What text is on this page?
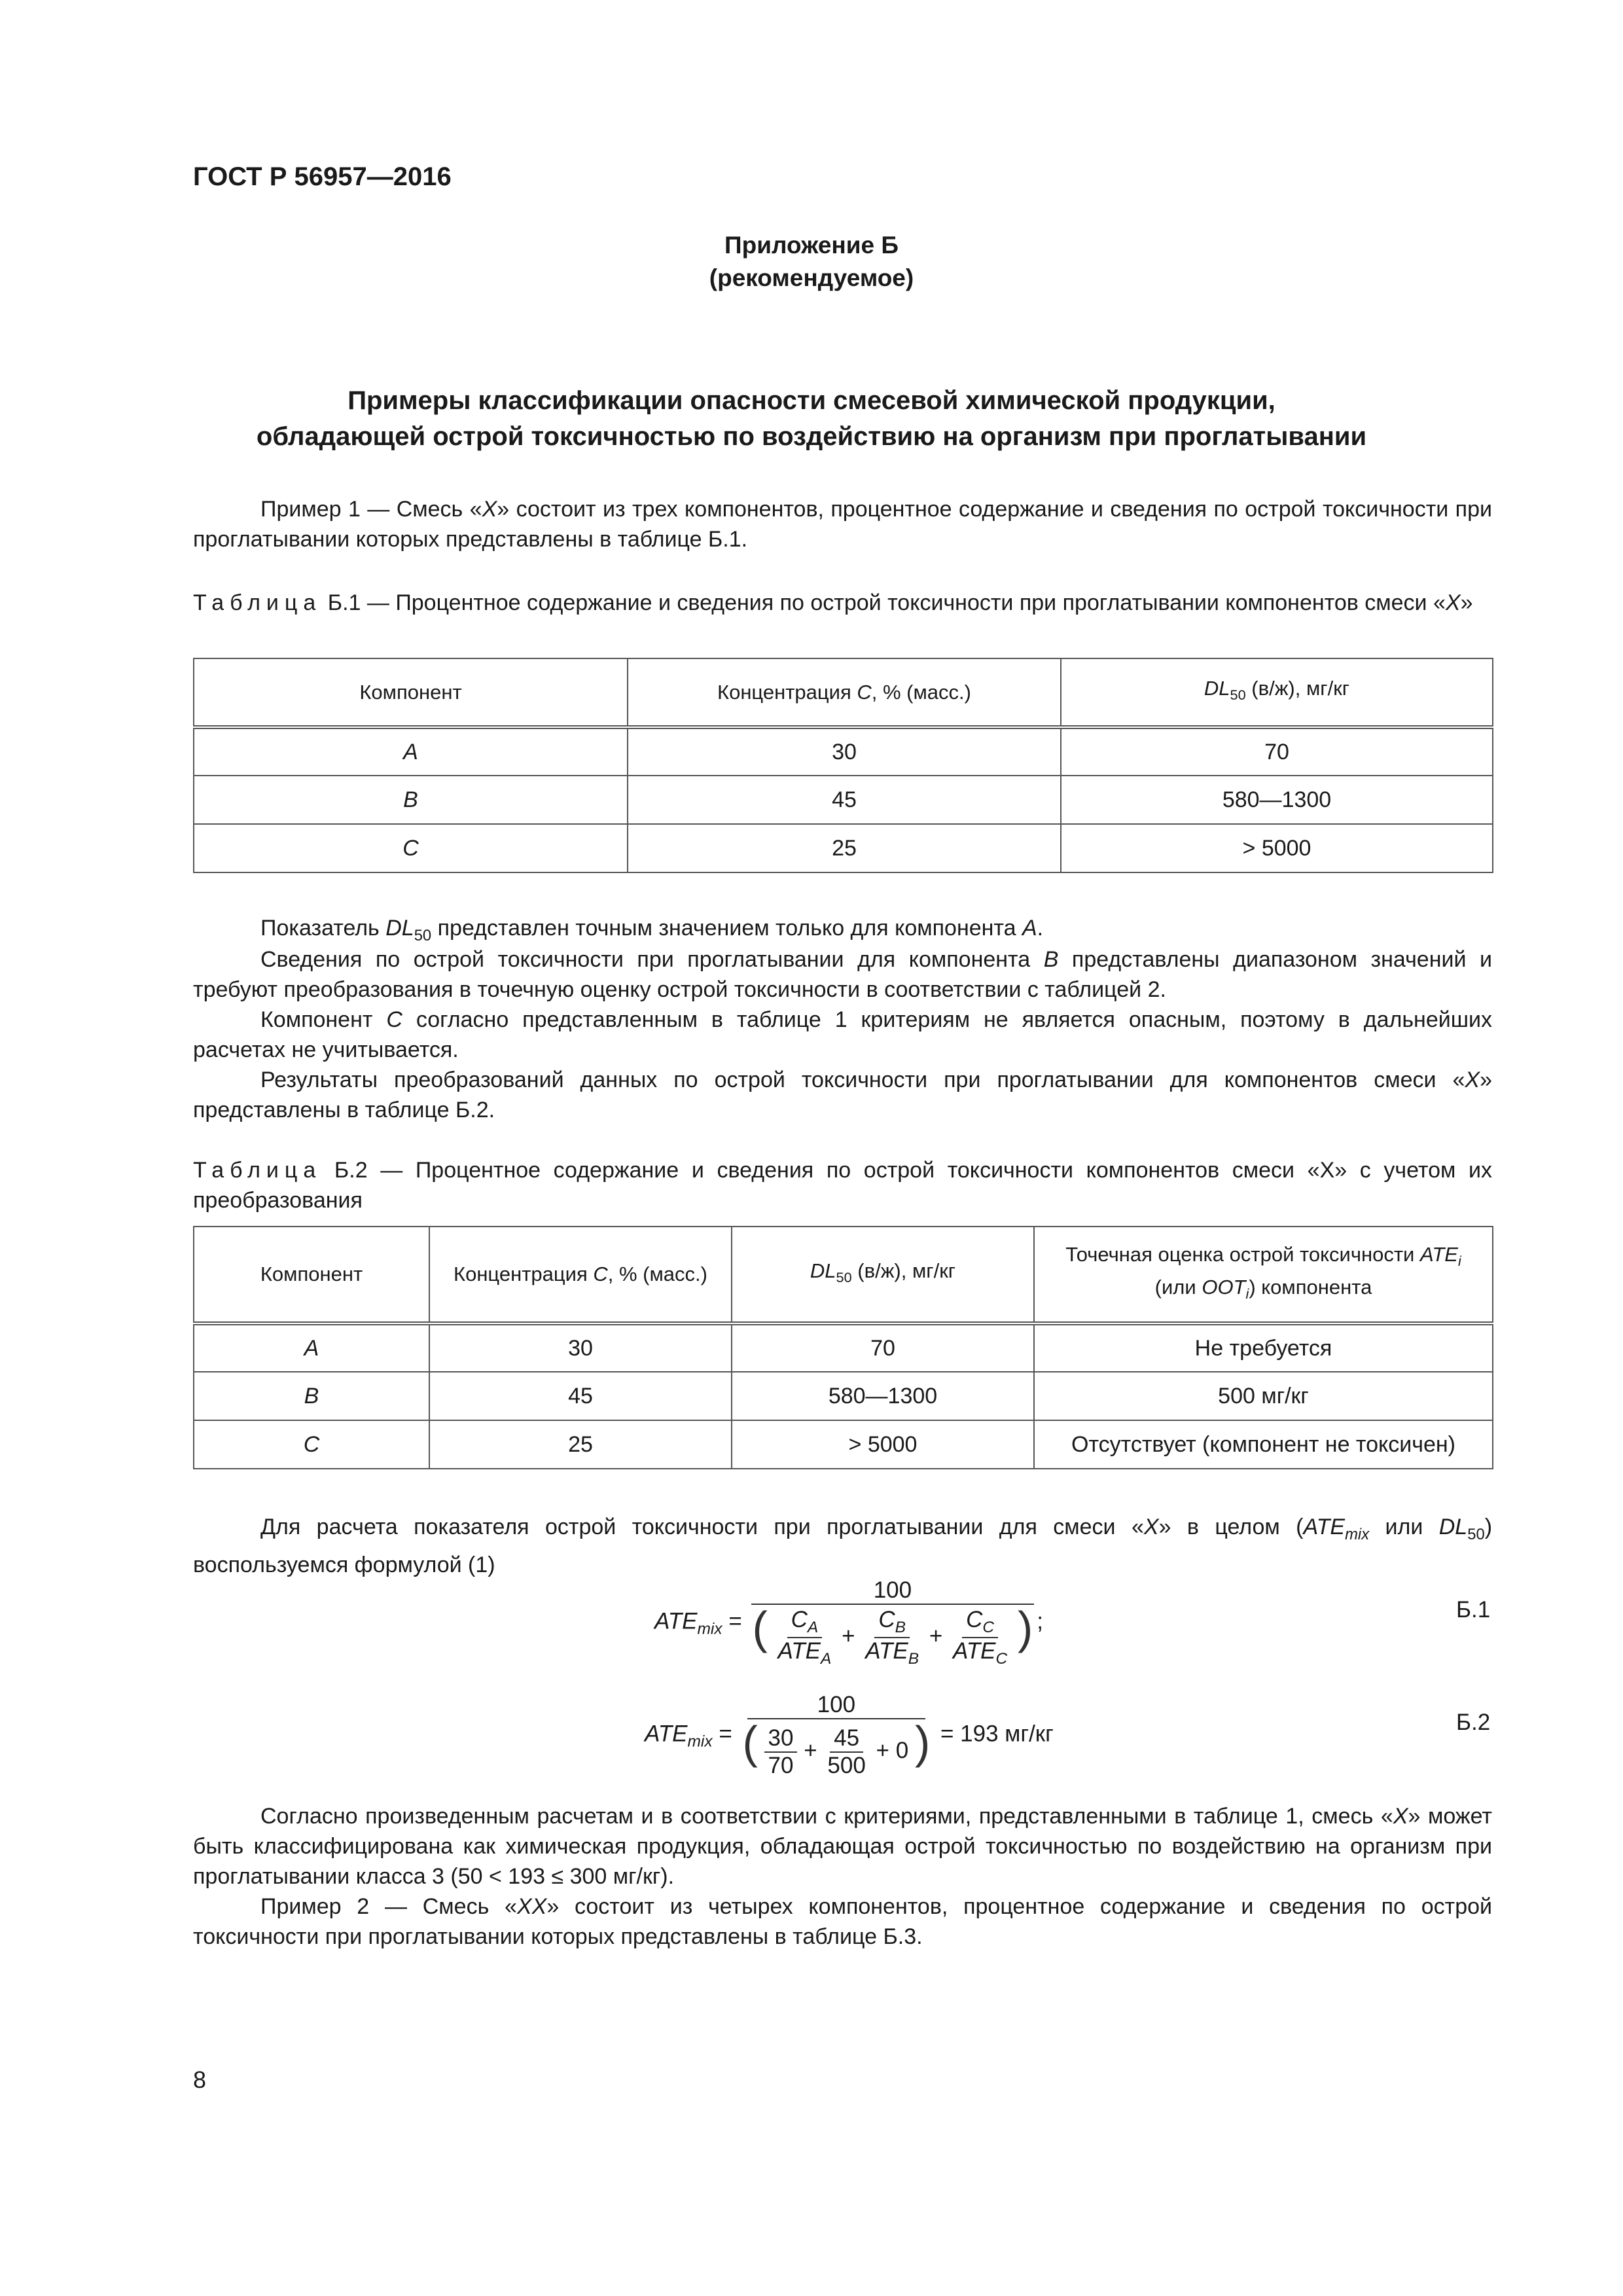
ГОСТ Р 56957—2016
Приложение Б
(рекомендуемое)
Примеры классификации опасности смесевой химической продукции,
обладающей острой токсичностью по воздействию на организм при проглатывании
Пример 1 — Смесь «X» состоит из трех компонентов, процентное содержание и сведения по острой токсичности при проглатывании которых представлены в таблице Б.1.
Таблица Б.1 — Процентное содержание и сведения по острой токсичности при проглатывании компонентов смеси «X»
Компонент	Концентрация C, % (масс.)	$DL_{50}$ (в/ж), мг/кг
A	30	70
B	45	580—1300
C	25	> 5000
Показатель $DL_{50}$ представлен точным значением только для компонента A.
Сведения по острой токсичности при проглатывании для компонента B представлены диапазоном значений и требуют преобразования в точечную оценку острой токсичности в соответствии с таблицей 2.
Компонент C согласно представленным в таблице 1 критериям не является опасным, поэтому в дальнейших расчетах не учитывается.
Результаты преобразований данных по острой токсичности при проглатывании для компонентов смеси «X» представлены в таблице Б.2.
Таблица Б.2 — Процентное содержание и сведения по острой токсичности компонентов смеси «X» с учетом их преобразования
Компонент	Концентрация C, % (масс.)	$DL_{50}$ (в/ж), мг/кг	Точечная оценка острой токсичности $ATE_i$
(или $OOT_i$) компонента
A	30	70	Не требуется
B	45	580—1300	500 мг/кг
C	25	> 5000	Отсутствует (компонент не токсичен)
Для расчета показателя острой токсичности при проглатывании для смеси «X» в целом ($ATE_{mix}$ или $DL_{50}$) воспользуемся формулой (1)
$ATE_{mix}$ =
100
( $\frac{C_A}{ATE_A} + \frac{C_B}{ATE_B} + \frac{C_C}{ATE_C}$ ) ;	Б.1
$ATE_{mix}$ =
100
( $\frac{30}{70} + \frac{45}{500} + 0$ ) = 193 мг/кг	Б.2
Согласно произведенным расчетам и в соответствии с критериями, представленными в таблице 1, смесь «X» может быть классифицирована как химическая продукция, обладающая острой токсичностью по воздействию на организм при проглатывании класса 3 (50 < 193 ≤ 300 мг/кг).
Пример 2 — Смесь «XX» состоит из четырех компонентов, процентное содержание и сведения по острой токсичности при проглатывании которых представлены в таблице Б.3.
8
